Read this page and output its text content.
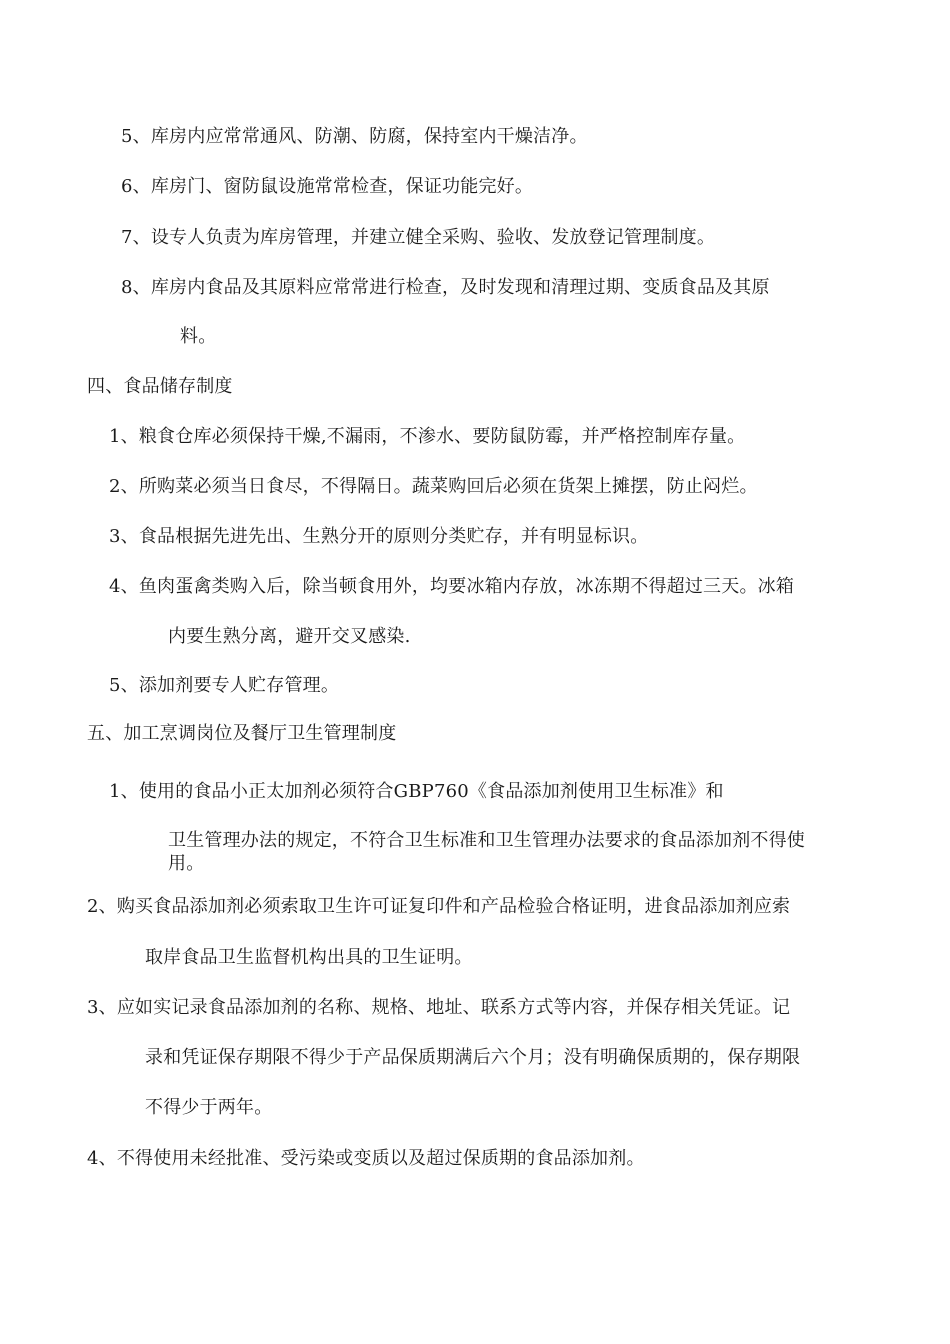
5、库房内应常常通风、防潮、防腐，保持室内干燥洁净。

6、库房门、窗防鼠设施常常检查，保证功能完好。

7、设专人负责为库房管理，并建立健全采购、验收、发放登记管理制度。

8、库房内食品及其原料应常常进行检查，及时发现和清理过期、变质食品及其原

料。

四、食品储存制度

1、粮食仓库必须保持干燥,不漏雨，不渗水、要防鼠防霉，并严格控制库存量。

2、所购菜必须当日食尽，不得隔日。蔬菜购回后必须在货架上摊摆，防止闷烂。

3、食品根据先进先出、生熟分开的原则分类贮存，并有明显标识。

4、鱼肉蛋禽类购入后，除当顿食用外，均要冰箱内存放，冰冻期不得超过三天。冰箱

内要生熟分离，避开交叉感染.

5、添加剂要专人贮存管理。

五、加工烹调岗位及餐厅卫生管理制度

1、使用的食品小正太加剂必须符合GBP760《食品添加剂使用卫生标准》和

卫生管理办法的规定，不符合卫生标准和卫生管理办法要求的食品添加剂不得使

用。

2、购买食品添加剂必须索取卫生许可证复印件和产品检验合格证明，进食品添加剂应索

取岸食品卫生监督机构出具的卫生证明。

3、应如实记录食品添加剂的名称、规格、地址、联系方式等内容，并保存相关凭证。记

录和凭证保存期限不得少于产品保质期满后六个月；没有明确保质期的，保存期限

不得少于两年。

4、不得使用未经批准、受污染或变质以及超过保质期的食品添加剂。
